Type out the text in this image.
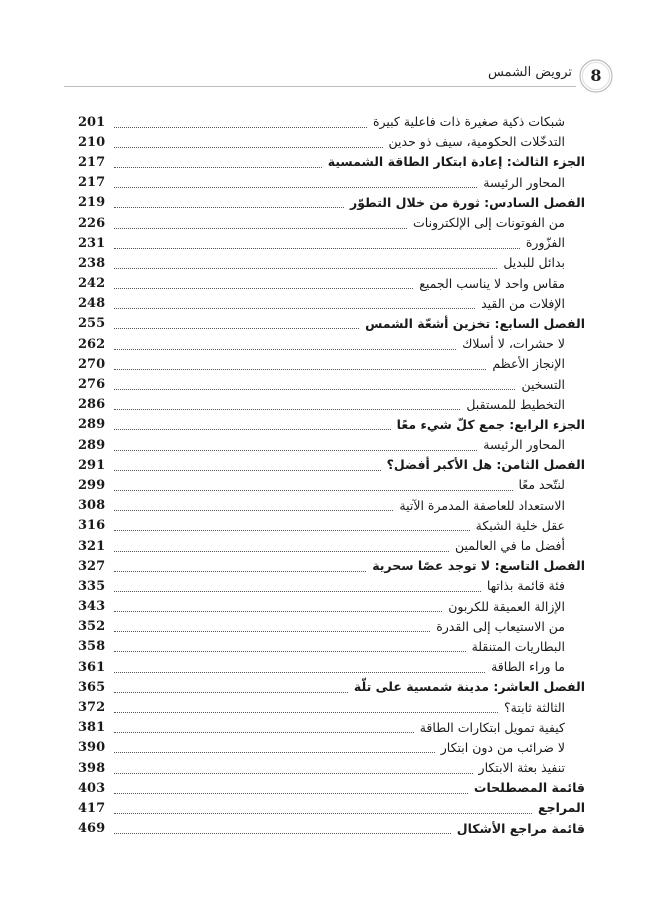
ترويض الشمس	8
شبكات ذكية صغيرة ذات فاعلية كبيرة
201
التدخّلات الحكومية، سيف ذو حدين
210
الجزء الثالث: إعادة ابتكار الطاقة الشمسية
217
المحاور الرئيسة
217
الفصل السادس: ثورة من خلال التطوّر
219
من الفوتونات إلى الإلكترونات
226
الفزّورة
231
بدائل للبديل
238
مقاس واحد لا يناسب الجميع
242
الإفلات من القيد
248
الفصل السابع: تخزين أشعّة الشمس
255
لا حشرات، لا أسلاك
262
الإنجاز الأعظم
270
التسخين
276
التخطيط للمستقبل
286
الجزء الرابع: جمع كلّ شيء معًا
289
المحاور الرئيسة
289
الفصل الثامن: هل الأكبر أفضل؟
291
لنتّحد معًا
299
الاستعداد للعاصفة المدمرة الآتية
308
عقل خلية الشبكة
316
أفضل ما في العالمين
321
الفصل التاسع: لا توجد عصًا سحرية
327
فئة قائمة بذاتها
335
الإزالة العميقة للكربون
343
من الاستيعاب إلى القدرة
352
البطاريات المتنقلة
358
ما وراء الطاقة
361
الفصل العاشر: مدينة شمسية على تلّة
365
الثالثة ثابتة؟
372
كيفية تمويل ابتكارات الطاقة
381
لا ضرائب من دون ابتكار
390
تنفيذ بعثة الابتكار
398
قائمة المصطلحات
403
المراجع
417
قائمة مراجع الأشكال
469
